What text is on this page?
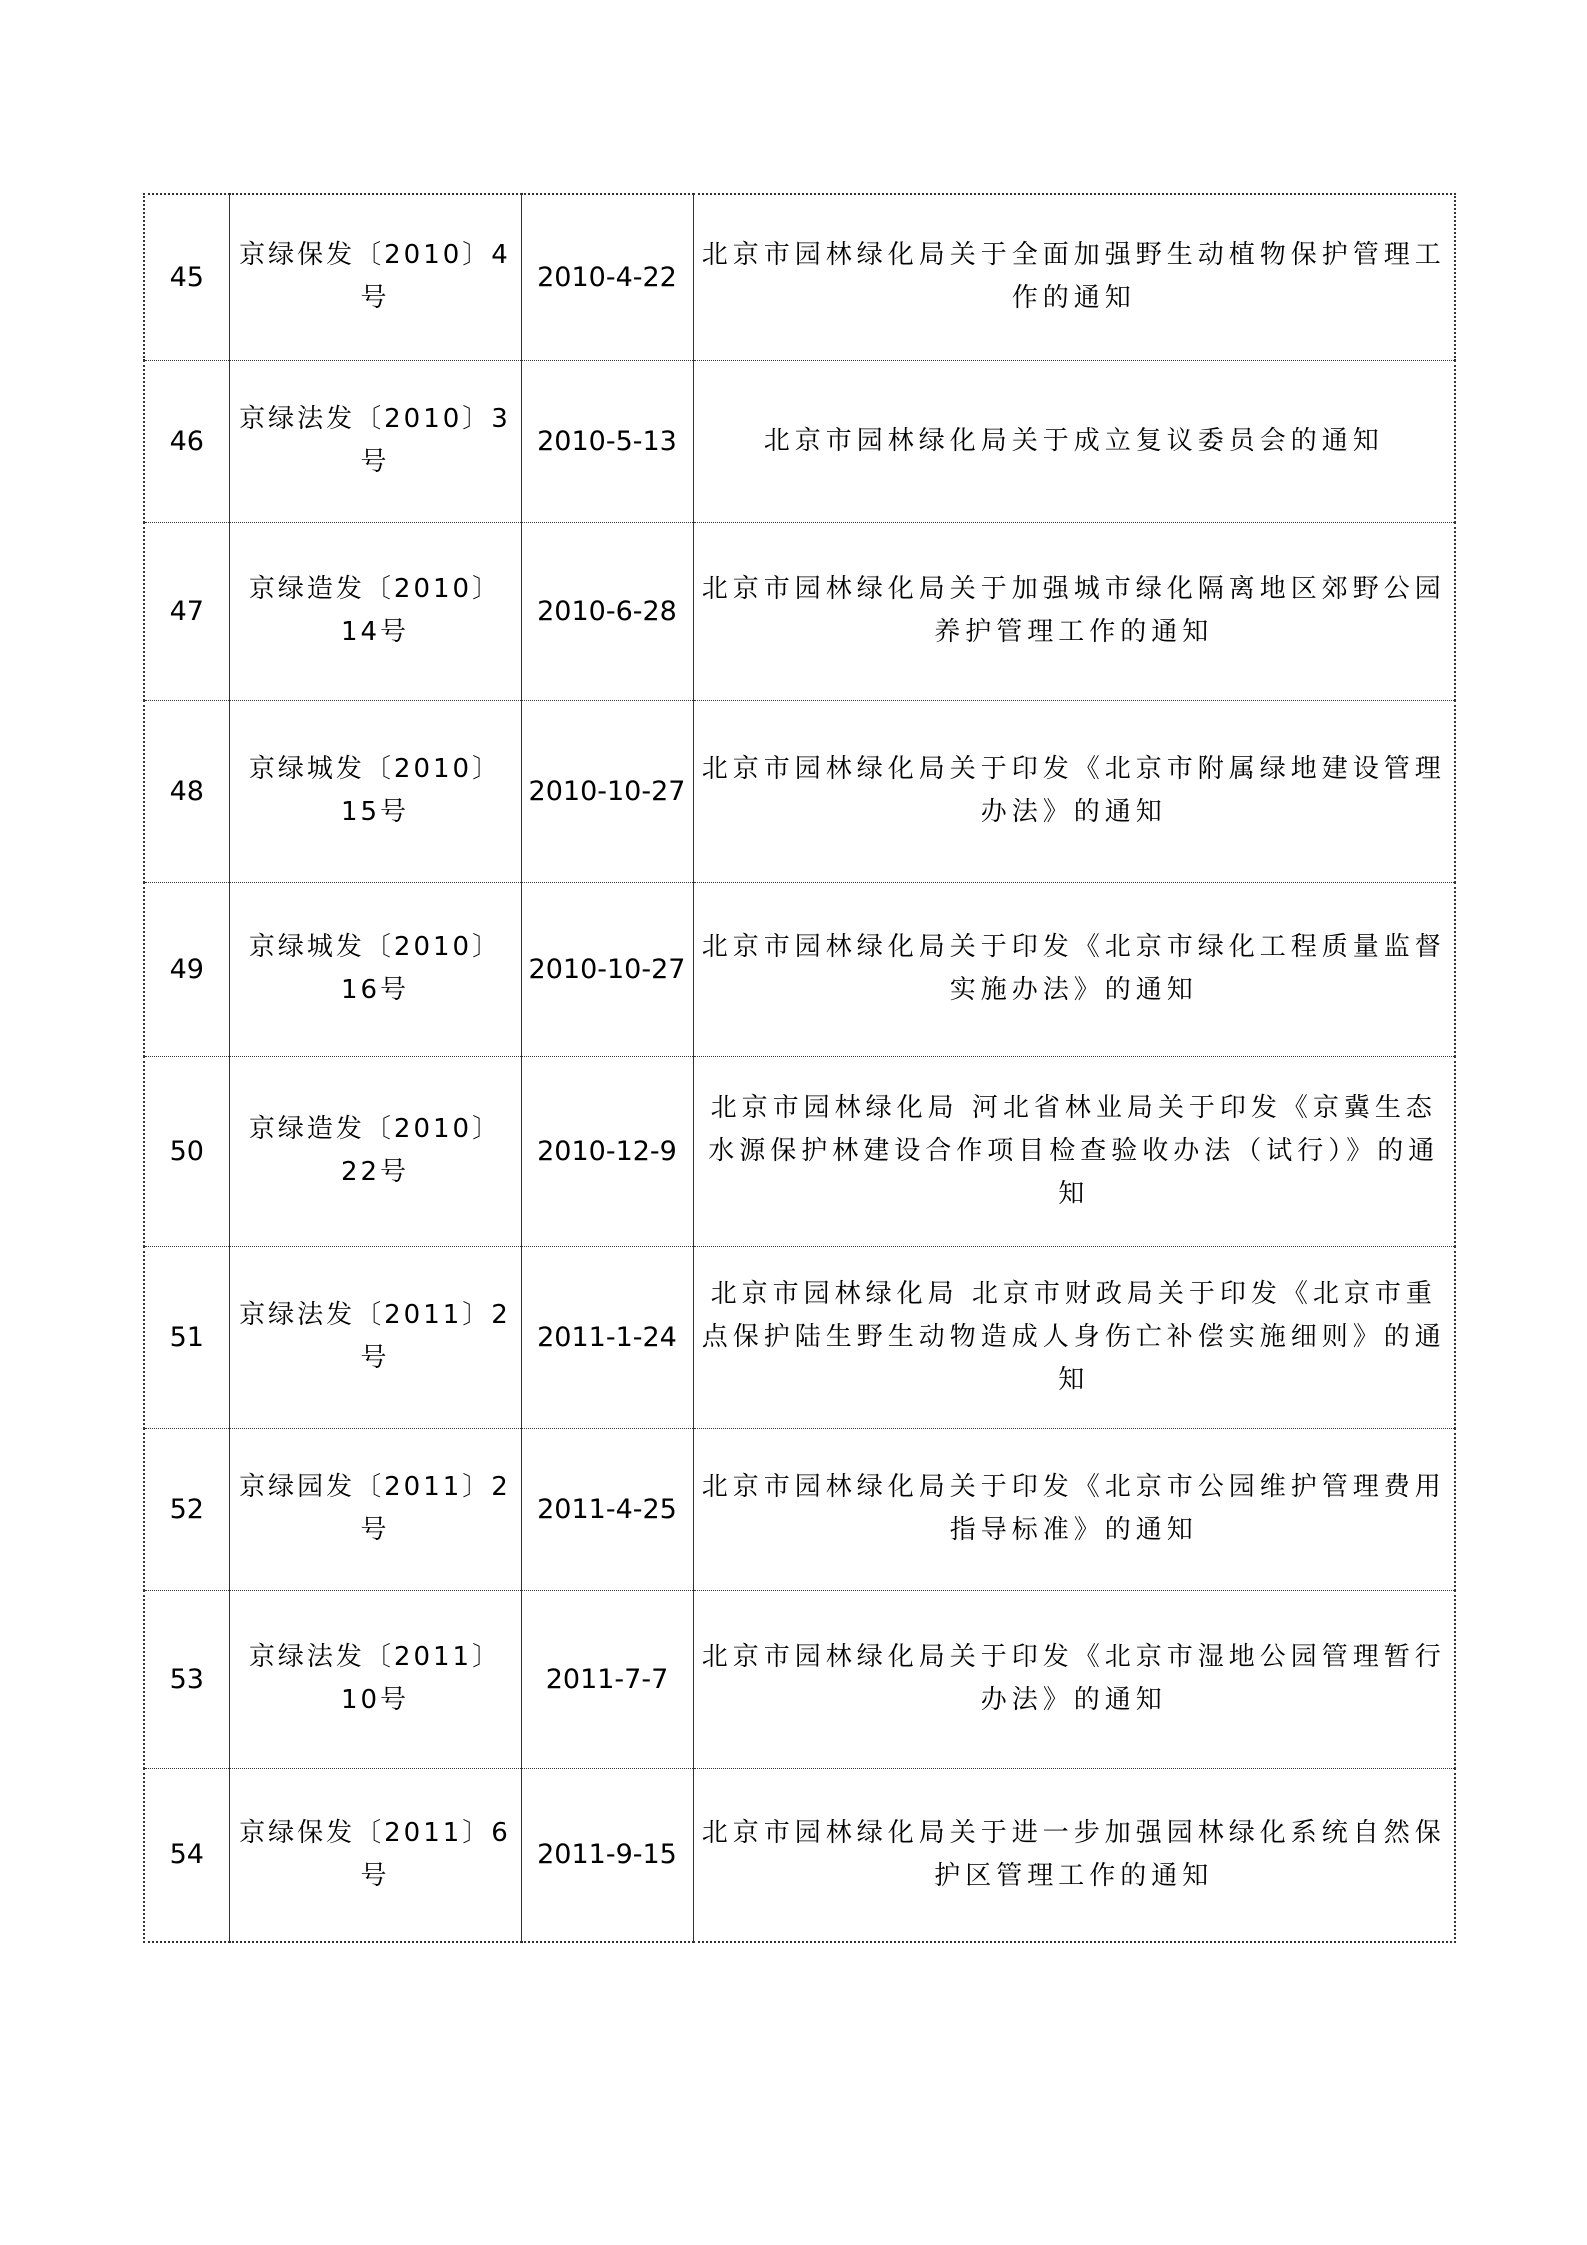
45	京绿保发〔2010〕4号	2010-4-22	北京市园林绿化局关于全面加强野生动植物保护管理工作的通知
46	京绿法发〔2010〕3号	2010-5-13	北京市园林绿化局关于成立复议委员会的通知
47	京绿造发〔2010〕14号	2010-6-28	北京市园林绿化局关于加强城市绿化隔离地区郊野公园养护管理工作的通知
48	京绿城发〔2010〕15号	2010-10-27	北京市园林绿化局关于印发《北京市附属绿地建设管理办法》的通知
49	京绿城发〔2010〕16号	2010-10-27	北京市园林绿化局关于印发《北京市绿化工程质量监督实施办法》的通知
50	京绿造发〔2010〕22号	2010-12-9	北京市园林绿化局 河北省林业局关于印发《京冀生态水源保护林建设合作项目检查验收办法（试行）》的通知
51	京绿法发〔2011〕2号	2011-1-24	北京市园林绿化局 北京市财政局关于印发《北京市重点保护陆生野生动物造成人身伤亡补偿实施细则》的通知
52	京绿园发〔2011〕2号	2011-4-25	北京市园林绿化局关于印发《北京市公园维护管理费用指导标准》的通知
53	京绿法发〔2011〕10号	2011-7-7	北京市园林绿化局关于印发《北京市湿地公园管理暂行办法》的通知
54	京绿保发〔2011〕6号	2011-9-15	北京市园林绿化局关于进一步加强园林绿化系统自然保护区管理工作的通知
